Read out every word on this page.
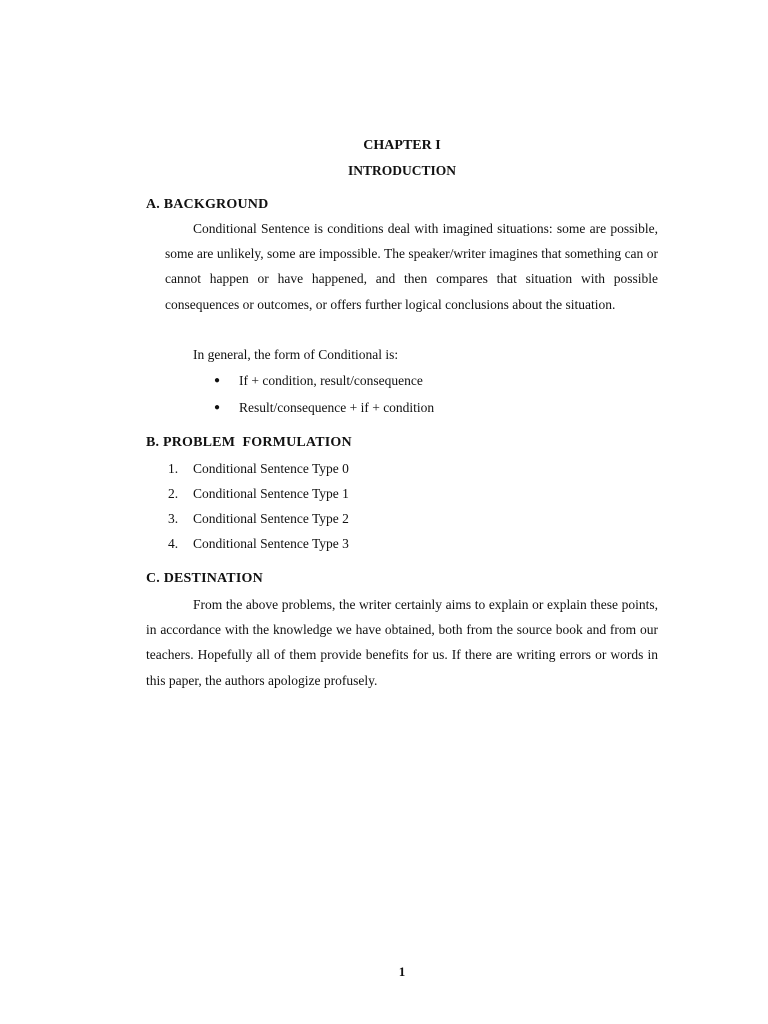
CHAPTER I
INTRODUCTION
A. BACKGROUND
Conditional Sentence is conditions deal with imagined situations: some are possible, some are unlikely, some are impossible. The speaker/writer imagines that something can or cannot happen or have happened, and then compares that situation with possible consequences or outcomes, or offers further logical conclusions about the situation.
In general, the form of Conditional is:
● If + condition, result/consequence
● Result/consequence + if + condition
B. PROBLEM  FORMULATION
1. Conditional Sentence Type 0
2. Conditional Sentence Type 1
3. Conditional Sentence Type 2
4. Conditional Sentence Type 3
C. DESTINATION
From the above problems, the writer certainly aims to explain or explain these points, in accordance with the knowledge we have obtained, both from the source book and from our teachers. Hopefully all of them provide benefits for us. If there are writing errors or words in this paper, the authors apologize profusely.
1
